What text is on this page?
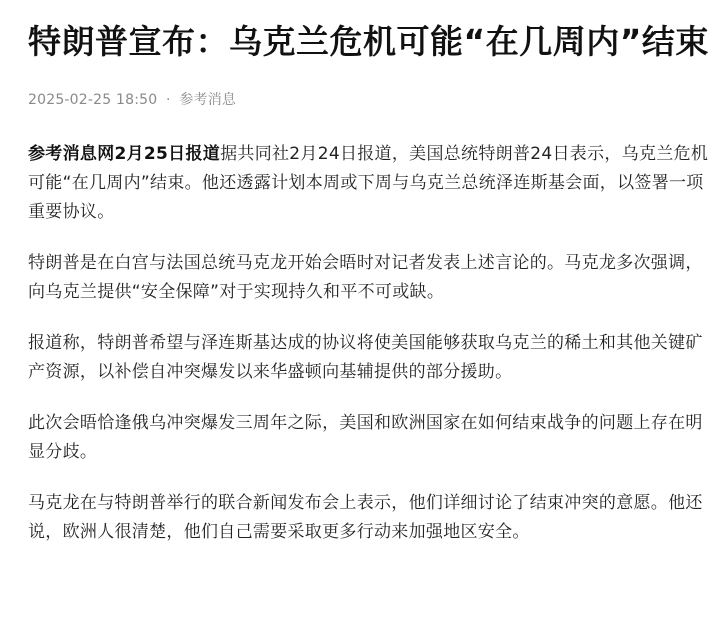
特朗普宣布：乌克兰危机可能“在几周内”结束
2025-02-25 18:50 · 参考消息

参考消息网2月25日报道据共同社2月24日报道，美国总统特朗普24日表示，乌克兰危机可能“在几周内”结束。他还透露计划本周或下周与乌克兰总统泽连斯基会面，以签署一项重要协议。

特朗普是在白宫与法国总统马克龙开始会晤时对记者发表上述言论的。马克龙多次强调，向乌克兰提供“安全保障”对于实现持久和平不可或缺。

报道称，特朗普希望与泽连斯基达成的协议将使美国能够获取乌克兰的稀土和其他关键矿产资源，以补偿自冲突爆发以来华盛顿向基辅提供的部分援助。

此次会晤恰逢俄乌冲突爆发三周年之际，美国和欧洲国家在如何结束战争的问题上存在明显分歧。

马克龙在与特朗普举行的联合新闻发布会上表示，他们详细讨论了结束冲突的意愿。他还说，欧洲人很清楚，他们自己需要采取更多行动来加强地区安全。
